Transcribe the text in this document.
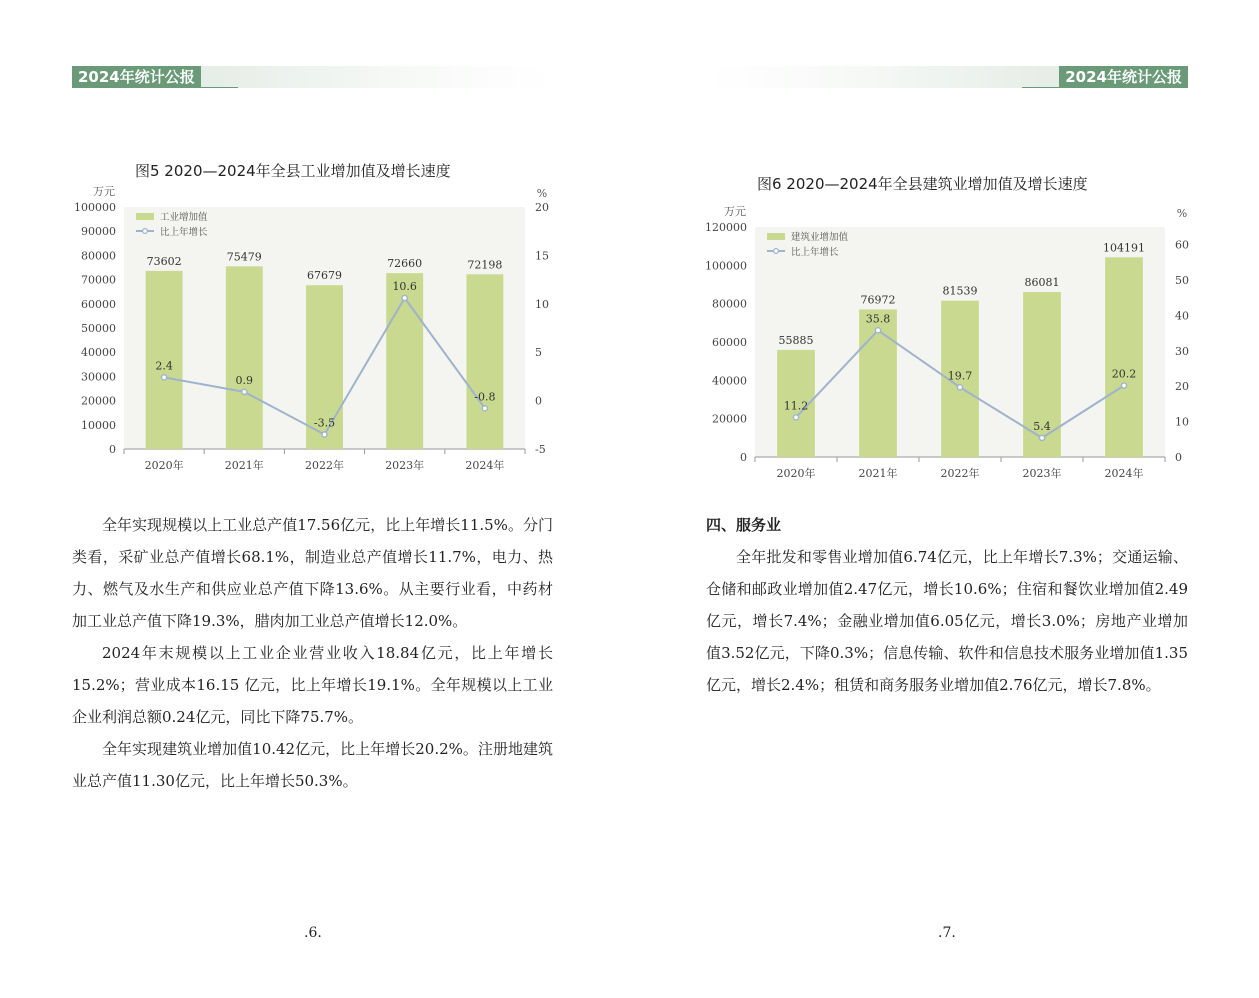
2024年统计公报
图5 2020—2024年全县工业增加值及增长速度
万元	%
0
10000
20000
30000
40000
50000
60000
70000
80000
90000
100000
-5
0
5
10
15
20
2020年
73602
2021年
75479
2022年
67679
2023年
72660
2024年
72198
2.4
0.9
-3.5
10.6
-0.8
工业增加值
比上年增长

全年实现规模以上工业总产值17.56亿元，比上年增长11.5%。分门类看，采矿业总产值增长68.1%，制造业总产值增长11.7%，电力、热力、燃气及水生产和供应业总产值下降13.6%。从主要行业看，中药材加工业总产值下降19.3%，腊肉加工业总产值增长12.0%。

2024年末规模以上工业企业营业收入18.84亿元，比上年增长15.2%；营业成本16.15 亿元，比上年增长19.1%。全年规模以上工业企业利润总额0.24亿元，同比下降75.7%。

全年实现建筑业增加值10.42亿元，比上年增长20.2%。注册地建筑业总产值11.30亿元，比上年增长50.3%。

.6.
2024年统计公报
图6 2020—2024年全县建筑业增加值及增长速度
万元	%
0
20000
40000
60000
80000
100000
120000
0
10
20
30
40
50
60
2020年
55885
2021年
76972
2022年
81539
2023年
86081
2024年
104191
11.2
35.8
19.7
5.4
20.2
建筑业增加值
比上年增长

四、服务业

全年批发和零售业增加值6.74亿元，比上年增长7.3%；交通运输、仓储和邮政业增加值2.47亿元，增长10.6%；住宿和餐饮业增加值2.49亿元，增长7.4%；金融业增加值6.05亿元，增长3.0%；房地产业增加值3.52亿元，下降0.3%；信息传输、软件和信息技术服务业增加值1.35亿元，增长2.4%；租赁和商务服务业增加值2.76亿元，增长7.8%。

.7.
